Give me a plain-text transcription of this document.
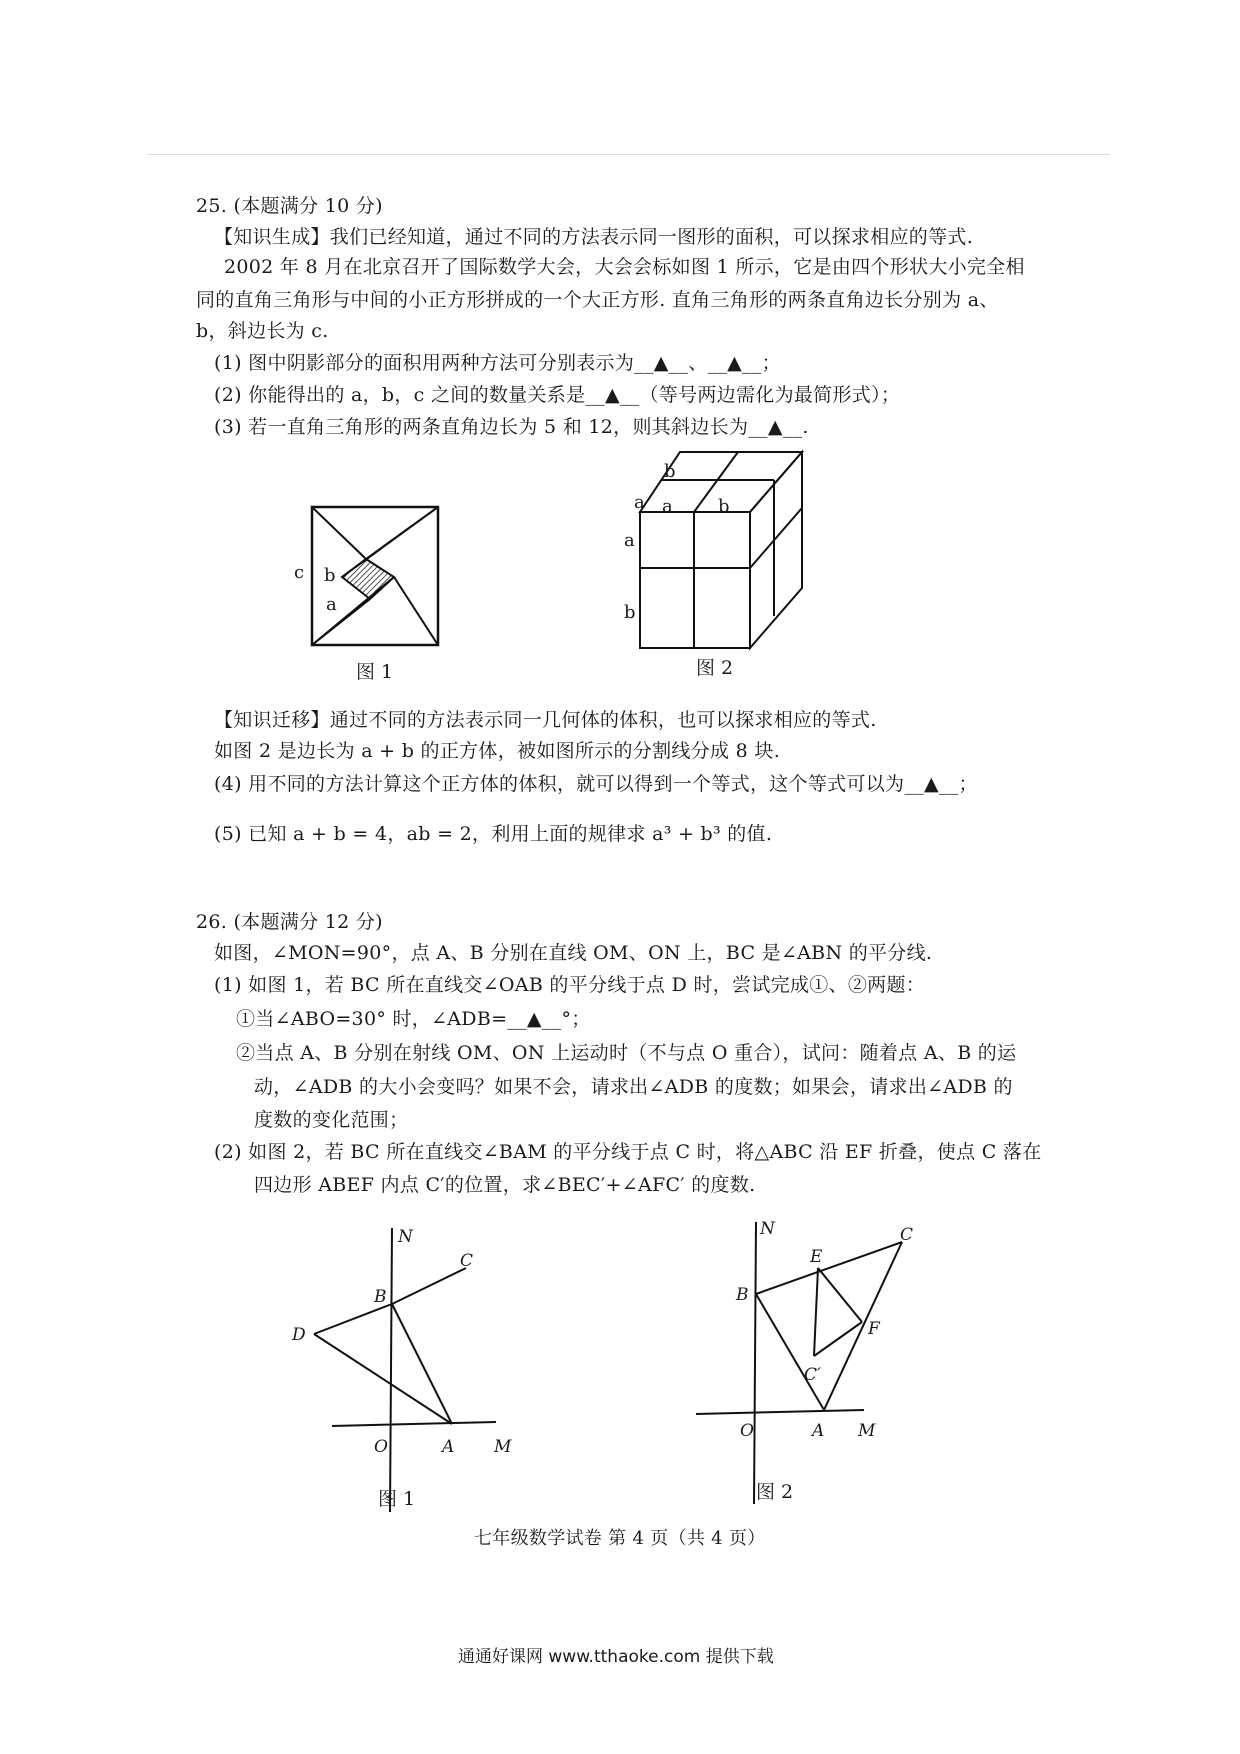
25. (本题满分 10 分)
【知识生成】我们已经知道，通过不同的方法表示同一图形的面积，可以探求相应的等式.
2002 年 8 月在北京召开了国际数学大会，大会会标如图 1 所示，它是由四个形状大小完全相
同的直角三角形与中间的小正方形拼成的一个大正方形. 直角三角形的两条直角边长分别为 a、
b，斜边长为 c.
(1) 图中阴影部分的面积用两种方法可分别表示为__▲__、__▲__；
(2) 你能得出的 a，b，c 之间的数量关系是__▲__（等号两边需化为最简形式）；
(3) 若一直角三角形的两条直角边长为 5 和 12，则其斜边长为__▲__.
c b
a
图 1
b
a a	b
a
b
图 2
【知识迁移】通过不同的方法表示同一几何体的体积，也可以探求相应的等式.
如图 2 是边长为 a + b 的正方体，被如图所示的分割线分成 8 块.
(4) 用不同的方法计算这个正方体的体积，就可以得到一个等式，这个等式可以为__▲__；
(5) 已知 a + b = 4，ab = 2，利用上面的规律求 a³ + b³ 的值.
26. (本题满分 12 分)
如图，∠MON=90°，点 A、B 分别在直线 OM、ON 上，BC 是∠ABN 的平分线.
(1) 如图 1，若 BC 所在直线交∠OAB 的平分线于点 D 时，尝试完成①、②两题：
①当∠ABO=30° 时，∠ADB=__▲__°；
②当点 A、B 分别在射线 OM、ON 上运动时（不与点 O 重合），试问：随着点 A、B 的运
动，∠ADB 的大小会变吗？如果不会，请求出∠ADB 的度数；如果会，请求出∠ADB 的
度数的变化范围；
(2) 如图 2，若 BC 所在直线交∠BAM 的平分线于点 C 时，将△ABC 沿 EF 折叠，使点 C 落在
四边形 ABEF 内点 C′的位置，求∠BEC′+∠AFC′ 的度数.
N
B
C
D
O	A M
图 1
N	C
E
B
F
C′
O	A M
图 2
七年级数学试卷 第 4 页（共 4 页）
通通好课网 www.tthaoke.com 提供下载
